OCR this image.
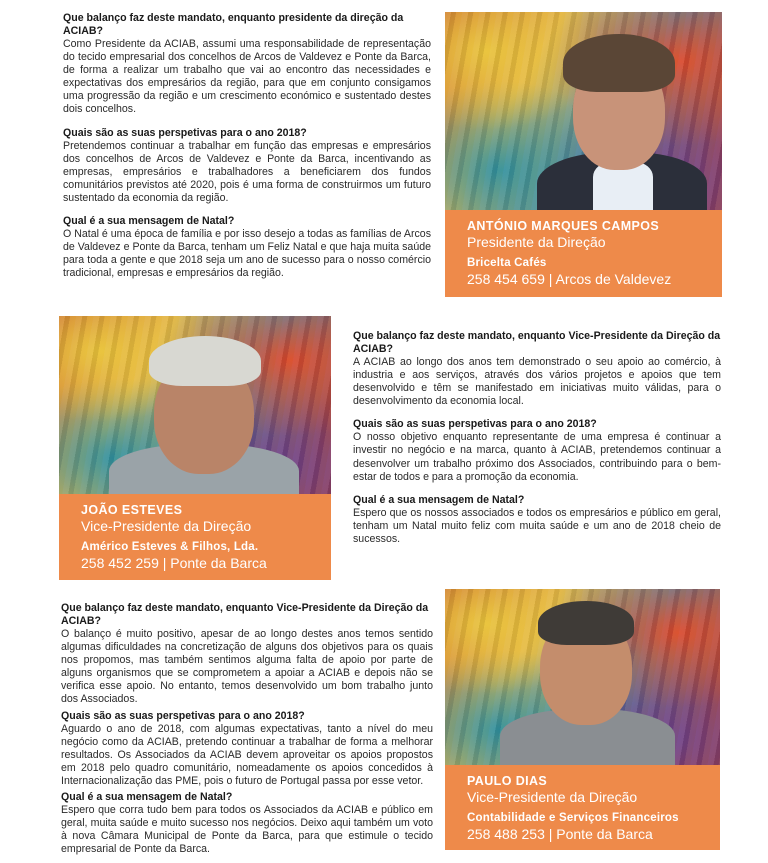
Que balanço faz deste mandato, enquanto presidente da direção da ACIAB?

Como Presidente da ACIAB, assumi uma responsabilidade de representação do tecido empresarial dos concelhos de Arcos de Valdevez e Ponte da Barca, de forma a realizar um trabalho que vai ao encontro das necessidades e expectativas dos empresários da região, para que em conjunto consigamos uma progressão da região e um crescimento económico e sustentado destes dois concelhos.

Quais são as suas perspetivas para o ano 2018?

Pretendemos continuar a trabalhar em função das empresas e empresários dos concelhos de Arcos de Valdevez e Ponte da Barca, incentivando as empresas, empresários e trabalhadores a beneficiarem dos fundos comunitários previstos até 2020, pois é uma forma de construirmos um futuro sustentado da economia da região.

Qual é a sua mensagem de Natal?

O Natal é uma época de família e por isso desejo a todas as famílias de Arcos de Valdevez e Ponte da Barca, tenham um Feliz Natal e que haja muita saúde para toda a gente e que 2018 seja um ano de sucesso para o nosso comércio tradicional, empresas e empresários da região.

ANTÓNIO MARQUES CAMPOS
Presidente da Direção
Bricelta Cafés
258 454 659 | Arcos de Valdevez
JOÃO ESTEVES
Vice-Presidente da Direção
Américo Esteves & Filhos, Lda.
258 452 259 | Ponte da Barca
Que balanço faz deste mandato, enquanto Vice-Presidente da Direção da ACIAB?

A ACIAB ao longo dos anos tem demonstrado o seu apoio ao comércio, à industria e aos serviços, através dos vários projetos e apoios que tem desenvolvido e têm se manifestado em iniciativas muito válidas, para o desenvolvimento da economia local.

Quais são as suas perspetivas para o ano 2018?

O nosso objetivo enquanto representante de uma empresa é continuar a investir no negócio e na marca, quanto à ACIAB, pretendemos continuar a desenvolver um trabalho próximo dos Associados, contribuindo para o bem-estar de todos e para a promoção da economia.

Qual é a sua mensagem de Natal?

Espero que os nossos associados e todos os empresários e público em geral, tenham um Natal muito feliz com muita saúde e um ano de 2018 cheio de sucessos.

Que balanço faz deste mandato, enquanto Vice-Presidente da Direção da ACIAB?

O balanço é muito positivo, apesar de ao longo destes anos temos sentido algumas dificuldades na concretização de alguns dos objetivos para os quais nos propomos, mas também sentimos alguma falta de apoio por parte de alguns organismos que se comprometem a apoiar a ACIAB e depois não se verifica esse apoio. No entanto, temos desenvolvido um bom trabalho junto dos Associados.

Quais são as suas perspetivas para o ano 2018?

Aguardo o ano de 2018, com algumas expectativas, tanto a nível do meu negócio como da ACIAB, pretendo continuar a trabalhar de forma a melhorar resultados. Os Associados da ACIAB devem aproveitar os apoios propostos em 2018 pelo quadro comunitário, nomeadamente os apoios concedidos à Internacionalização das PME, pois o futuro de Portugal passa por esse vetor.

Qual é a sua mensagem de Natal?

Espero que corra tudo bem para todos os Associados da ACIAB e público em geral, muita saúde e muito sucesso nos negócios. Deixo aqui também um voto à nova Câmara Municipal de Ponte da Barca, para que estimule o tecido empresarial de Ponte da Barca.

PAULO DIAS
Vice-Presidente da Direção
Contabilidade e Serviços Financeiros
258 488 253 | Ponte da Barca
